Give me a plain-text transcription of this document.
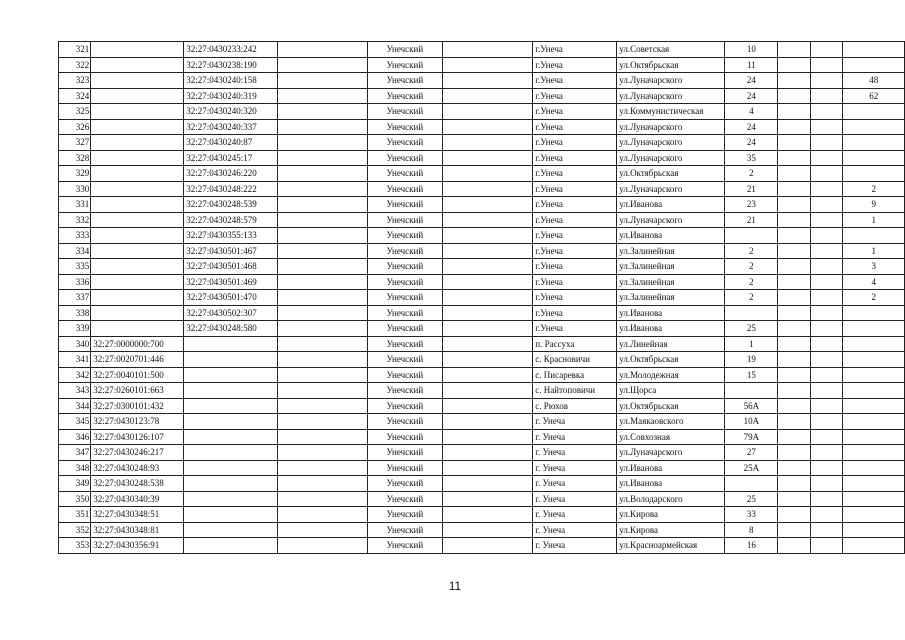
321		32:27:0430233:242		Унечский		г.Унеча	ул.Советская	10			
322		32:27:0430238:190		Унечский		г.Унеча	ул.Октябрьская	11			
323		32:27:0430240:158		Унечский		г.Унеча	ул.Луначарского	24			48
324		32:27:0430240:319		Унечский		г.Унеча	ул.Луначарского	24			62
325		32:27:0430240:320		Унечский		г.Унеча	ул.Коммунистическая	4			
326		32:27:0430240:337		Унечский		г.Унеча	ул.Луначарского	24			
327		32:27:0430240:87		Унечский		г.Унеча	ул.Луначарского	24			
328		32:27:0430245:17		Унечский		г.Унеча	ул.Луначарского	35			
329		32:27:0430246:220		Унечский		г.Унеча	ул.Октябрьская	2			
330		32:27:0430248:222		Унечский		г.Унеча	ул.Луначарского	21			2
331		32:27:0430248:539		Унечский		г.Унеча	ул.Иванова	23			9
332		32:27:0430248:579		Унечский		г.Унеча	ул.Луначарского	21			1
333		32:27:0430355:133		Унечский		г.Унеча	ул.Иванова				
334		32:27:0430501:467		Унечский		г.Унеча	ул.Залинейная	2			1
335		32:27:0430501:468		Унечский		г.Унеча	ул.Залинейная	2			3
336		32:27:0430501:469		Унечский		г.Унеча	ул.Залинейная	2			4
337		32:27:0430501:470		Унечский		г.Унеча	ул.Залинейная	2			2
338		32:27:0430502:307		Унечский		г.Унеча	ул.Иванова				
339		32:27:0430248:580		Унечский		г.Унеча	ул.Иванова	25			
340	32:27:0000000:700			Унечский		п. Рассуха	ул.Линейная	1			
341	32:27:0020701:446			Унечский		с. Красновичи	ул.Октябрьская	19			
342	32:27:0040101:500			Унечский		с. Писаревка	ул.Молодежная	15			
343	32:27:0260101:663			Унечский		с. Найтоповичи	ул.Щорса				
344	32:27:0300101:432			Унечский		с. Рюхов	ул.Октябрьская	56А			
345	32:27:0430123:78			Унечский		г. Унеча	ул.Маякаовского	10А			
346	32:27:0430126:107			Унечский		г. Унеча	ул.Совхозная	79А			
347	32:27:0430246:217			Унечский		г. Унеча	ул.Луначарского	27			
348	32:27:0430248:93			Унечский		г. Унеча	ул.Иванова	25А			
349	32:27:0430248:538			Унечский		г. Унеча	ул.Иванова				
350	32:27:0430340:39			Унечский		г. Унеча	ул.Володарского	25			
351	32:27:0430348:51			Унечский		г. Унеча	ул.Кирова	33			
352	32:27:0430348:81			Унечский		г. Унеча	ул.Кирова	8			
353	32:27:0430356:91			Унечский		г. Унеча	ул.Красноармейская	16			
11
